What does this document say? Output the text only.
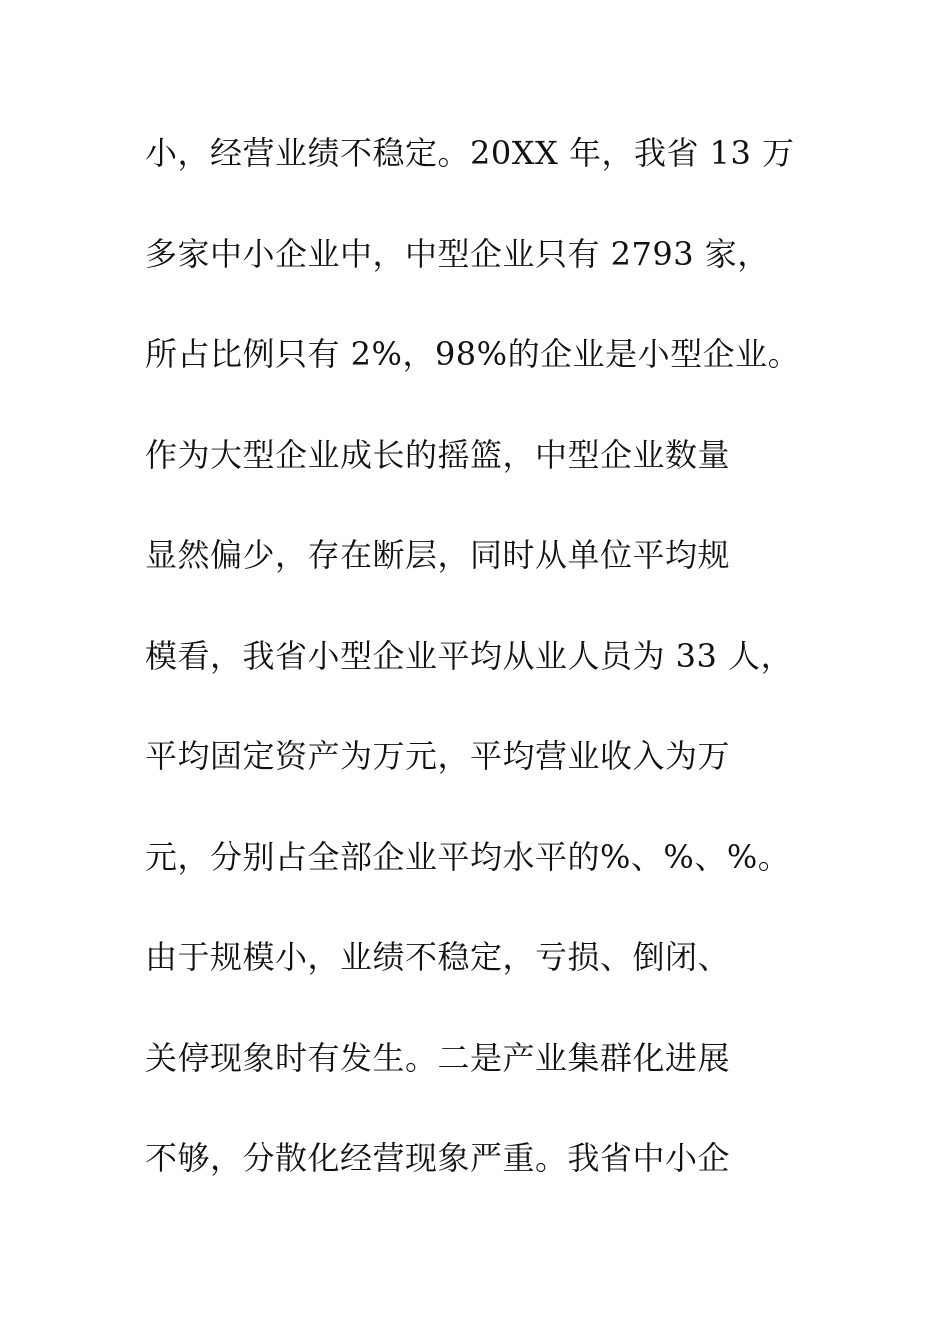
小，经营业绩不稳定。20XX 年，我省 13 万
多家中小企业中，中型企业只有 2793 家，
所占比例只有 2%，98%的企业是小型企业。
作为大型企业成长的摇篮，中型企业数量
显然偏少，存在断层，同时从单位平均规
模看，我省小型企业平均从业人员为 33 人，
平均固定资产为万元，平均营业收入为万
元，分别占全部企业平均水平的%、%、%。
由于规模小，业绩不稳定，亏损、倒闭、
关停现象时有发生。二是产业集群化进展
不够，分散化经营现象严重。我省中小企
